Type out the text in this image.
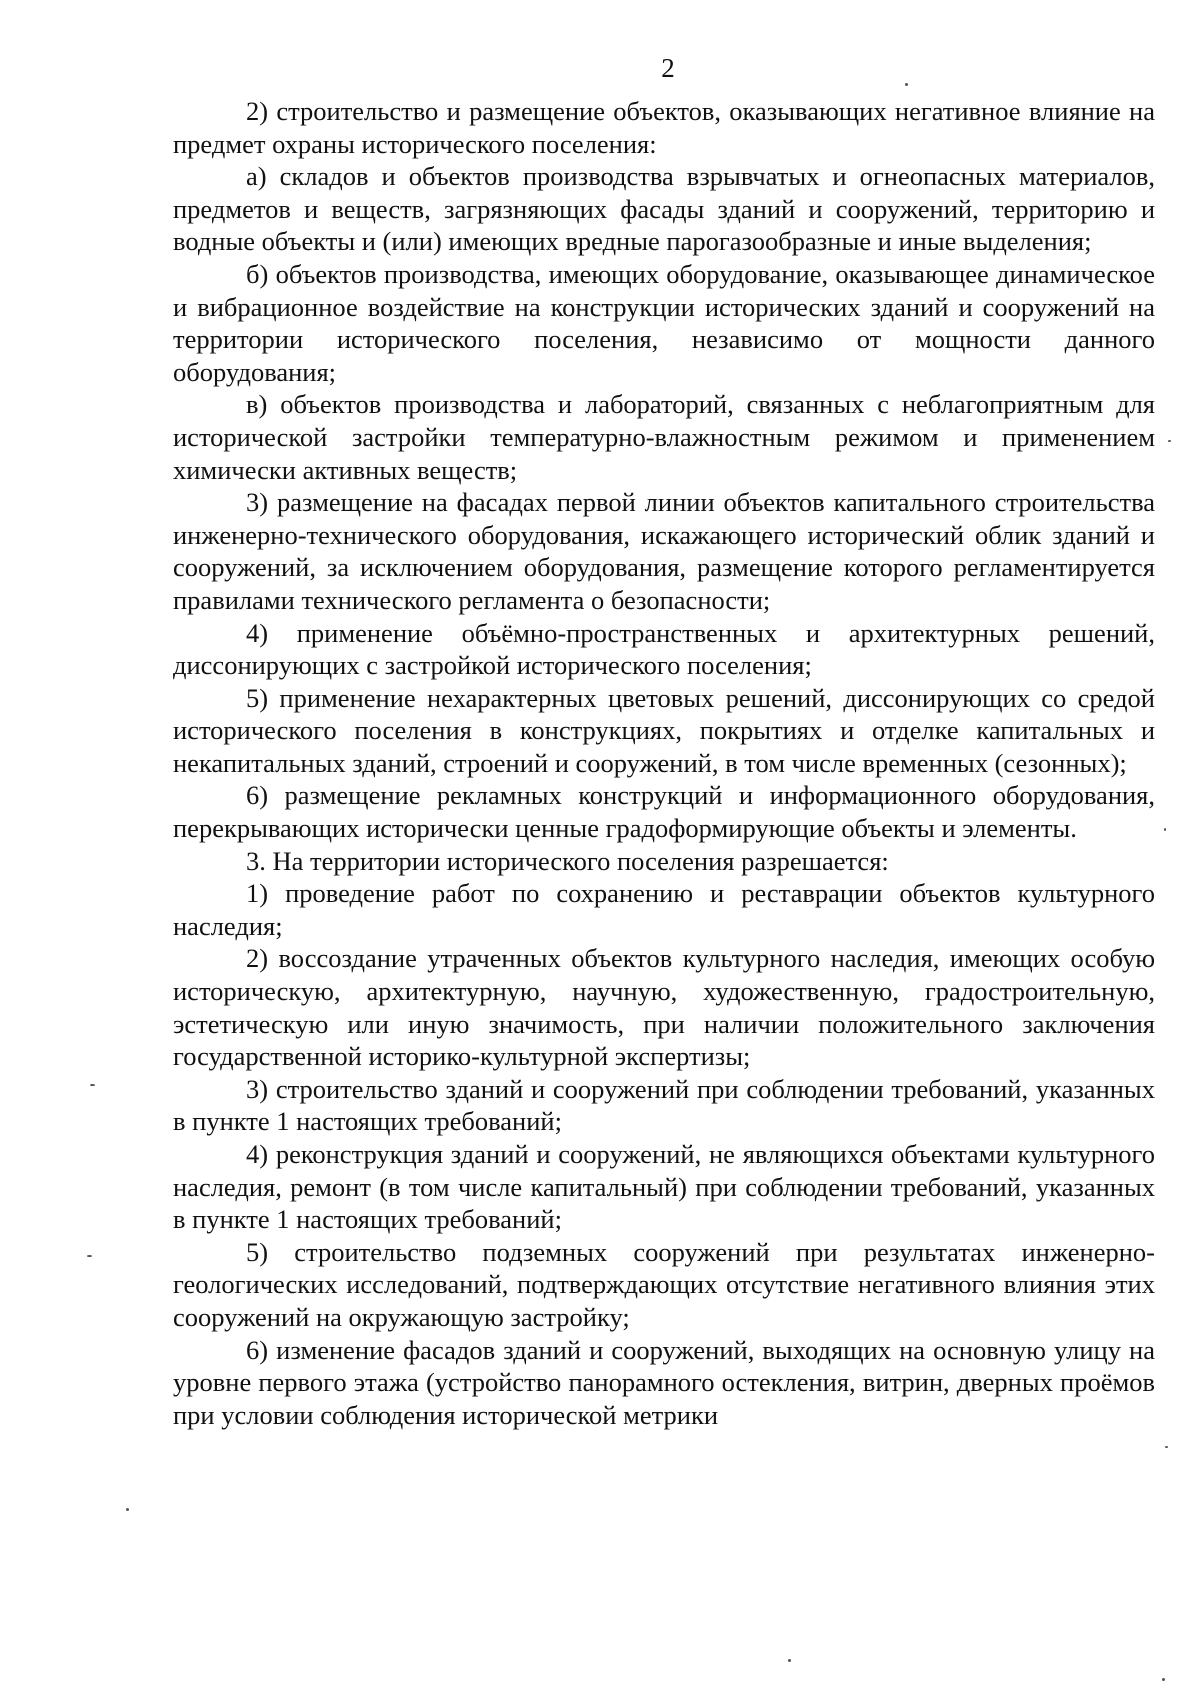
2

2) строительство и размещение объектов, оказывающих негативное влияние на предмет охраны исторического поселения:

а) складов и объектов производства взрывчатых и огнеопасных материалов, предметов и веществ, загрязняющих фасады зданий и сооружений, территорию и водные объекты и (или) имеющих вредные парогазообразные и иные выделения;

б) объектов производства, имеющих оборудование, оказывающее динамическое и вибрационное воздействие на конструкции исторических зданий и сооружений на территории исторического поселения, независимо от мощности данного оборудования;

в) объектов производства и лабораторий, связанных с неблагоприятным для исторической застройки температурно-влажностным режимом и применением химически активных веществ;

3) размещение на фасадах первой линии объектов капитального строительства инженерно-технического оборудования, искажающего исторический облик зданий и сооружений, за исключением оборудования, размещение которого регламентируется правилами технического регламента о безопасности;

4) применение объёмно-пространственных и архитектурных решений, диссонирующих с застройкой исторического поселения;

5) применение нехарактерных цветовых решений, диссонирующих со средой исторического поселения в конструкциях, покрытиях и отделке капитальных и некапитальных зданий, строений и сооружений, в том числе временных (сезонных);

6) размещение рекламных конструкций и информационного оборудования, перекрывающих исторически ценные градоформирующие объекты и элементы.

3. На территории исторического поселения разрешается:

1) проведение работ по сохранению и реставрации объектов культурного наследия;

2) воссоздание утраченных объектов культурного наследия, имеющих особую историческую, архитектурную, научную, художественную, градостроительную, эстетическую или иную значимость, при наличии положительного заключения государственной историко-культурной экспертизы;

3) строительство зданий и сооружений при соблюдении требований, указанных в пункте 1 настоящих требований;

4) реконструкция зданий и сооружений, не являющихся объектами культурного наследия, ремонт (в том числе капитальный) при соблюдении требований, указанных в пункте 1 настоящих требований;

5) строительство подземных сооружений при результатах инженерно-геологических исследований, подтверждающих отсутствие негативного влияния этих сооружений на окружающую застройку;

6) изменение фасадов зданий и сооружений, выходящих на основную улицу на уровне первого этажа (устройство панорамного остекления, витрин, дверных проёмов при условии соблюдения исторической метрики
